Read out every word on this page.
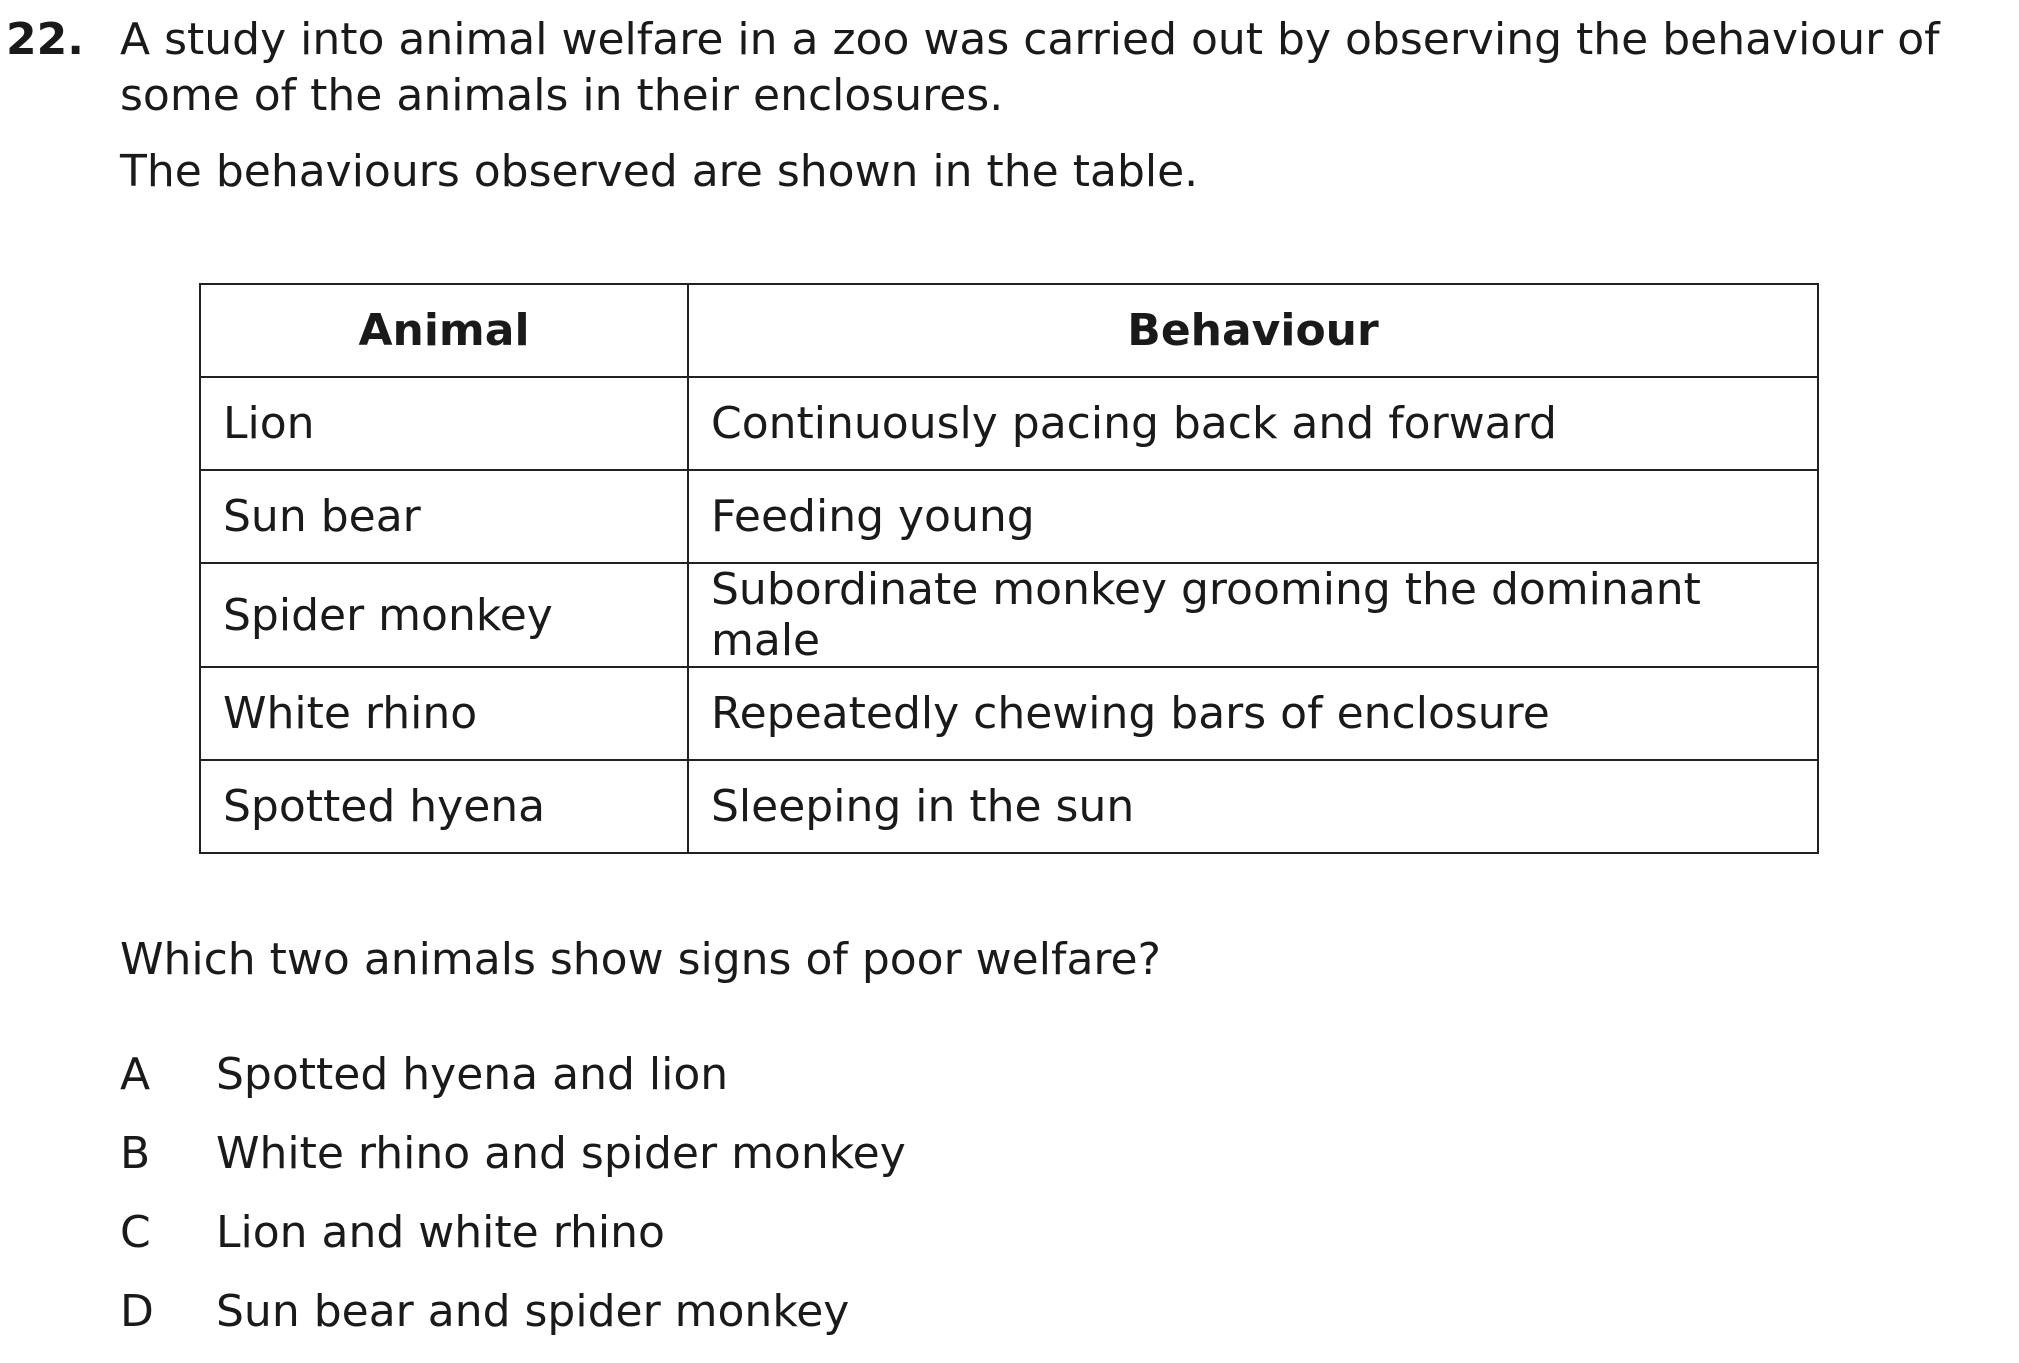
22. A study into animal welfare in a zoo was carried out by observing the behaviour of some of the animals in their enclosures.

The behaviours observed are shown in the table.

Animal	Behaviour
Lion	Continuously pacing back and forward
Sun bear	Feeding young
Spider monkey	Subordinate monkey grooming the dominant male
White rhino	Repeatedly chewing bars of enclosure
Spotted hyena	Sleeping in the sun

Which two animals show signs of poor welfare?

A	Spotted hyena and lion
B	White rhino and spider monkey
C	Lion and white rhino
D	Sun bear and spider monkey
